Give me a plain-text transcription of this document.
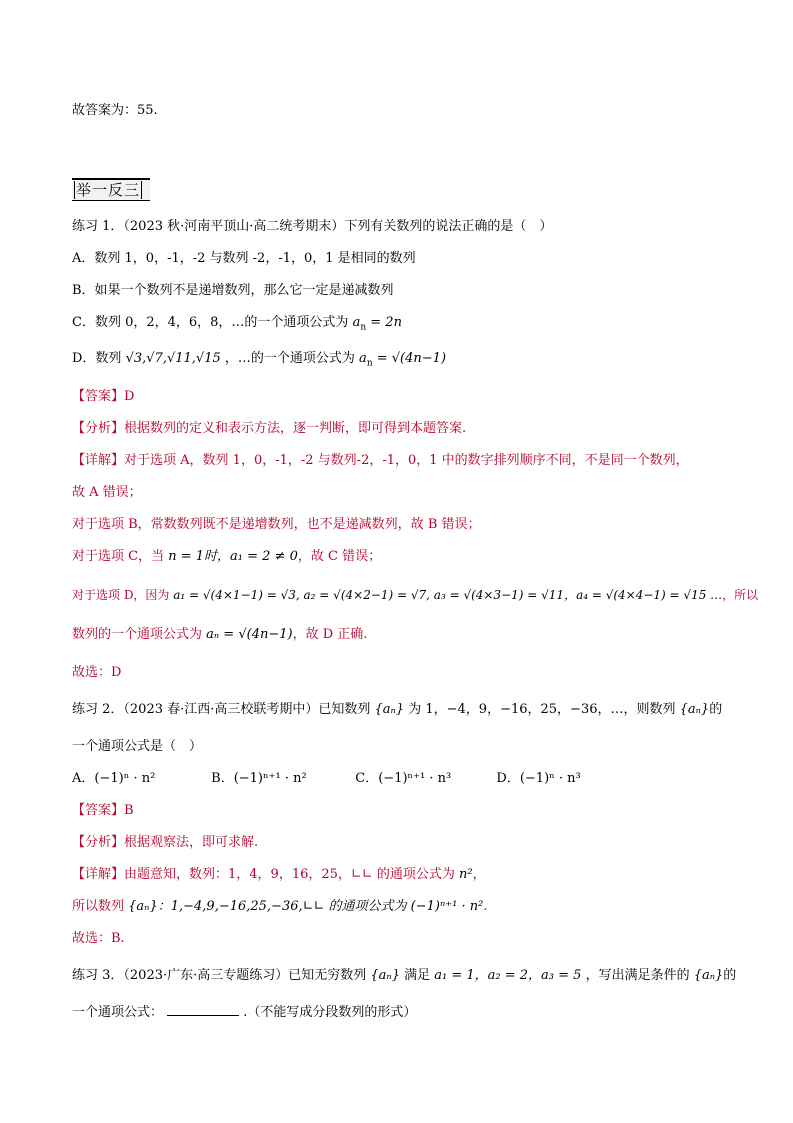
故答案为：55.
举一反三
练习 1．（2023 秋·河南平顶山·高二统考期末）下列有关数列的说法正确的是（　）
A．数列 1，0，-1，-2 与数列 -2，-1，0，1 是相同的数列
B．如果一个数列不是递增数列，那么它一定是递减数列
C．数列 0，2，4，6，8，…的一个通项公式为 $a_n = 2n$
D．数列 √3,√7,√11,√15 ，…的一个通项公式为 $a_n = √(4n-1)$
【答案】D
【分析】根据数列的定义和表示方法，逐一判断，即可得到本题答案.
【详解】对于选项 A，数列 1，0，-1，-2 与数列-2，-1，0，1 中的数字排列顺序不同，不是同一个数列，
故 A 错误；
对于选项 B，常数数列既不是递增数列，也不是递减数列，故 B 错误；
对于选项 C，当 n = 1时，a₁ = 2 ≠ 0，故 C 错误；
对于选项 D，因为 a₁ = √(4×1−1) = √3, a₂ = √(4×2−1) = √7, a₃ = √(4×3−1) = √11，a₄ = √(4×4−1) = √15 …，所以
数列的一个通项公式为 aₙ = √(4n−1)，故 D 正确.
故选：D
练习 2．（2023 春·江西·高三校联考期中）已知数列 {aₙ} 为 1，−4，9，−16，25，−36，…，则数列 {aₙ}的
一个通项公式是（　）
A．(−1)ⁿ · n²	B．(−1)ⁿ⁺¹ · n²	C．(−1)ⁿ⁺¹ · n³	D．(−1)ⁿ · n³
【答案】B
【分析】根据观察法，即可求解.
【详解】由题意知，数列：1，4，9，16，25，∟∟ 的通项公式为 n²，
所以数列 {aₙ}：1,−4,9,−16,25,−36,∟∟ 的通项公式为 (−1)ⁿ⁺¹ · n².
故选：B.
练习 3．（2023·广东·高三专题练习）已知无穷数列 {aₙ} 满足 a₁ = 1，a₂ = 2，a₃ = 5 ，写出满足条件的 {aₙ}的
一个通项公式：	.（不能写成分段数列的形式）
